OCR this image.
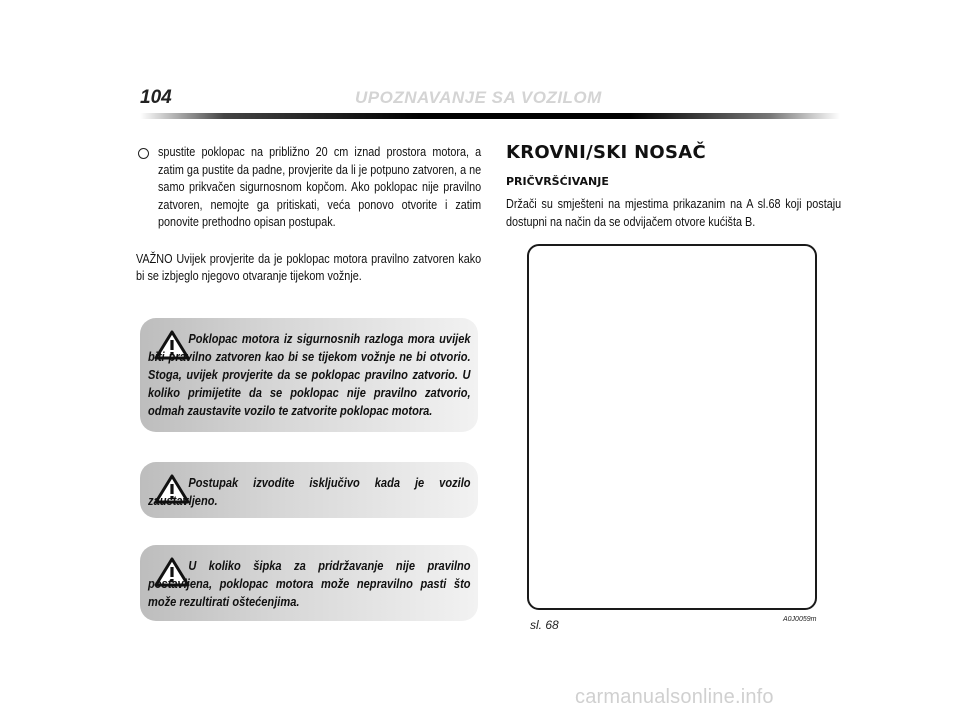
104	UPOZNAVANJE SA VOZILOM
spustite poklopac na približno 20 cm iznad prostora motora, a zatim ga pustite da padne, provjerite da li je potpuno zatvoren, a ne samo prikvačen sigurnosnom kopčom. Ako poklopac nije pravilno zatvoren, nemojte ga pritiskati, veća ponovo otvorite i zatim ponovite prethodno opisan postupak.
VAŽNO Uvijek provjerite da je poklopac motora pravilno zatvoren kako bi se izbjeglo njegovo otvaranje tijekom vožnje.
Poklopac motora iz sigurnosnih razloga mora uvijek biti pravilno zatvoren kao bi se tijekom vožnje ne bi otvorio. Stoga, uvijek provjerite da se poklopac pravilno zatvorio. U koliko primijetite da se poklopac nije pravilno zatvorio, odmah zaustavite vozilo te zatvorite poklopac motora.
Postupak izvodite isključivo kada je vozilo zaustavljeno.
U koliko šipka za pridržavanje nije pravilno postavljena, poklopac motora može nepravilno pasti što može rezultirati oštećenjima.
KROVNI/SKI NOSAČ
PRIČVRŠĆIVANJE
Držači su smješteni na mjestima prikazanim na A sl.68 koji postaju dostupni na način da se odvijačem otvore kućišta B.
sl. 68	A0J0059m
carmanualsonline.info
